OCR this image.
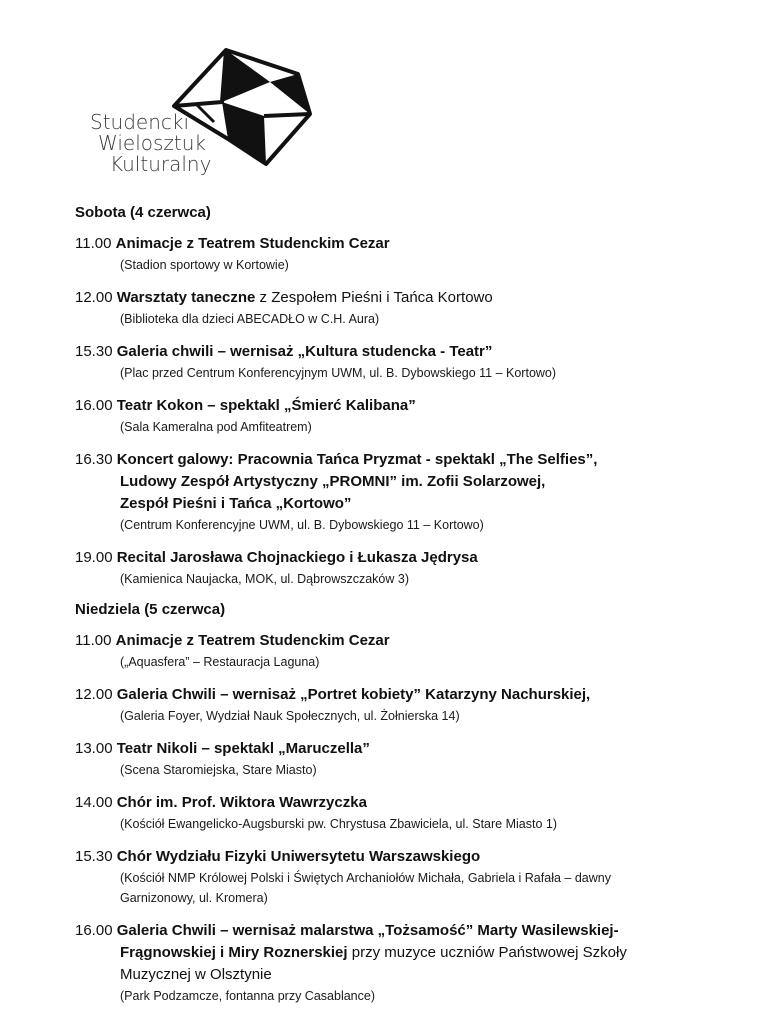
Studencki
Wielosztuk
Kulturalny
Sobota (4 czerwca)
11.00 Animacje z Teatrem Studenckim Cezar
(Stadion sportowy w Kortowie)
12.00 Warsztaty taneczne z Zespołem Pieśni i Tańca Kortowo
(Biblioteka dla dzieci ABECADŁO w C.H. Aura)
15.30 Galeria chwili – wernisaż „Kultura studencka - Teatr”
(Plac przed Centrum Konferencyjnym UWM, ul. B. Dybowskiego 11 – Kortowo)
16.00 Teatr Kokon – spektakl „Śmierć Kalibana”
(Sala Kameralna pod Amfiteatrem)
16.30 Koncert galowy: Pracownia Tańca Pryzmat - spektakl „The Selfies”,
Ludowy Zespół Artystyczny „PROMNI” im. Zofii Solarzowej,
Zespół Pieśni i Tańca „Kortowo”
(Centrum Konferencyjne UWM, ul. B. Dybowskiego 11 – Kortowo)
19.00 Recital Jarosława Chojnackiego i Łukasza Jędrysa
(Kamienica Naujacka, MOK, ul. Dąbrowszczaków 3)
Niedziela (5 czerwca)
11.00 Animacje z Teatrem Studenckim Cezar
(„Aquasfera” – Restauracja Laguna)
12.00 Galeria Chwili – wernisaż „Portret kobiety” Katarzyny Nachurskiej,
(Galeria Foyer, Wydział Nauk Społecznych, ul. Żołnierska 14)
13.00 Teatr Nikoli – spektakl „Maruczella”
(Scena Staromiejska, Stare Miasto)
14.00 Chór im. Prof. Wiktora Wawrzyczka
(Kościół Ewangelicko-Augsburski pw. Chrystusa Zbawiciela, ul. Stare Miasto 1)
15.30 Chór Wydziału Fizyki Uniwersytetu Warszawskiego
(Kościół NMP Królowej Polski i Świętych Archaniołów Michała, Gabriela i Rafała – dawny
Garnizonowy, ul. Kromera)
16.00 Galeria Chwili – wernisaż malarstwa „Tożsamość” Marty Wasilewskiej-
Frągnowskiej i Miry Roznerskiej przy muzyce uczniów Państwowej Szkoły
Muzycznej w Olsztynie
(Park Podzamcze, fontanna przy Casablance)
